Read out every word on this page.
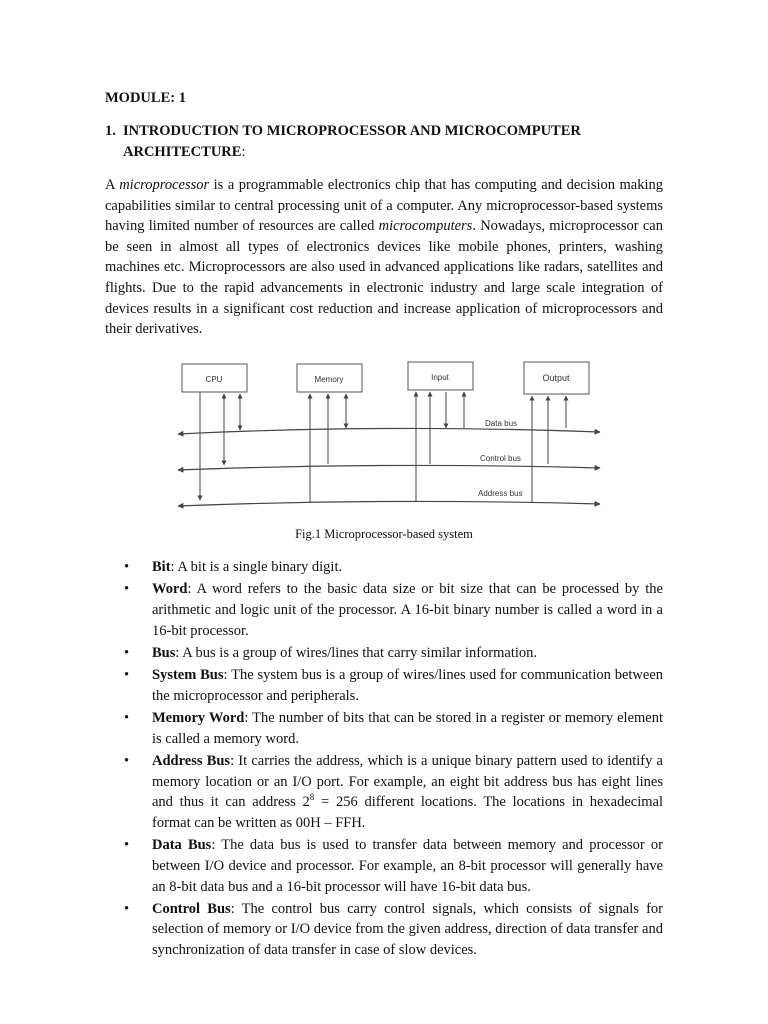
MODULE: 1
1. INTRODUCTION TO MICROPROCESSOR AND MICROCOMPUTER
ARCHITECTURE:

A microprocessor is a programmable electronics chip that has computing and decision making capabilities similar to central processing unit of a computer. Any microprocessor-based systems having limited number of resources are called microcomputers. Nowadays, microprocessor can be seen in almost all types of electronics devices like mobile phones, printers, washing machines etc. Microprocessors are also used in advanced applications like radars, satellites and flights. Due to the rapid advancements in electronic industry and large scale integration of devices results in a significant cost reduction and increase application of microprocessors and their derivatives.

CPU	Memory	Input	Output
Data bus
Control bus
Address bus
Fig.1 Microprocessor-based system
• Bit: A bit is a single binary digit.
• Word: A word refers to the basic data size or bit size that can be processed by the arithmetic and logic unit of the processor. A 16-bit binary number is called a word in a 16-bit processor.
• Bus: A bus is a group of wires/lines that carry similar information.
• System Bus: The system bus is a group of wires/lines used for communication between the microprocessor and peripherals.
• Memory Word: The number of bits that can be stored in a register or memory element is called a memory word.
• Address Bus: It carries the address, which is a unique binary pattern used to identify a memory location or an I/O port. For example, an eight bit address bus has eight lines and thus it can address $2^8 = 256$ different locations. The locations in hexadecimal format can be written as 00H – FFH.
• Data Bus: The data bus is used to transfer data between memory and processor or between I/O device and processor. For example, an 8-bit processor will generally have an 8-bit data bus and a 16-bit processor will have 16-bit data bus.
• Control Bus: The control bus carry control signals, which consists of signals for selection of memory or I/O device from the given address, direction of data transfer and synchronization of data transfer in case of slow devices.
